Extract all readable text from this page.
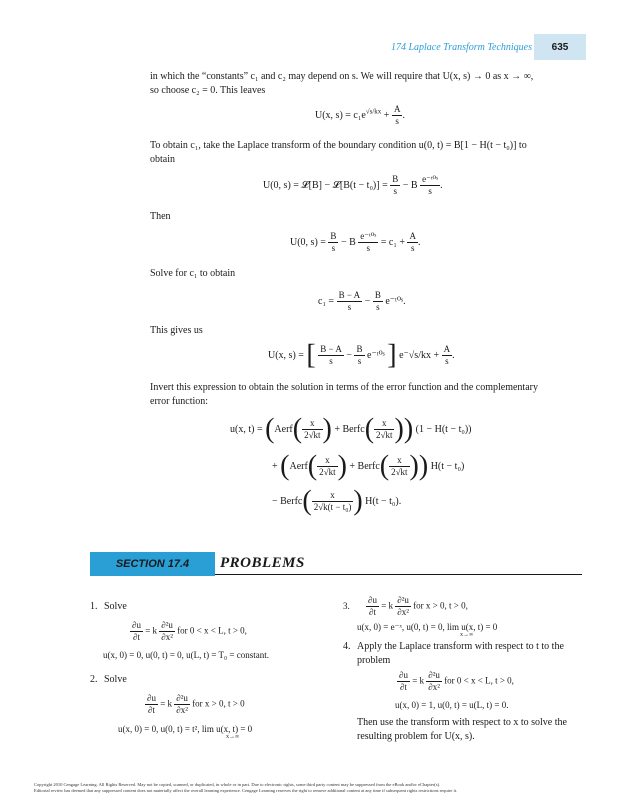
174 Laplace Transform Techniques	635
in which the “constants” c₁ and c₂ may depend on s. We will require that U(x, s) → 0 as x → ∞,
so choose c₂ = 0. This leaves
U(x, $s) = c_1e^{√s/kx} + \frac{A}{s}$ .
To obtain c₁, take the Laplace transform of the boundary condition u(0, t) = B[1 − H(t − t₀)] to
obtain
U(0, s) = 𝓛[B] − 𝓛[B(t − $t_0)] = \frac{B}{s} - B \frac{\text{e⁻ᵗ⁰ˢ}}{s}$ .
Then
U(0, $s) = \frac{B}{s} - B \frac{\text{e⁻ᵗ⁰ˢ}}{s} = c_1 + \frac{A}{s}$ .
Solve for c₁ to obtain
$c_1 = \frac{B - A}{s} - \frac{B}{s}$ e⁻ᵗ⁰ˢ.
This gives us
U(x, s) = [ $\frac{B - A}{s} - \frac{B}{s}$ e⁻ᵗ⁰ˢ ] $e^-√s/kx + \frac{A}{s}$ .
Invert this expression to obtain the solution in terms of the error function and the complementary
error function:
u(x, t) = (Aerf( $\frac{x}{2√kt}$ ) + Berfc( $\frac{x}{2√kt}$ )) (1 − H(t − t₀))
+ (Aerf( $\frac{x}{2√kt}$ ) + Berfc( $\frac{x}{2√kt}$ )) H(t − t₀)
− Berfc( $\frac{x}{\text{2√k(t − t₀)}}$ ) H(t − t₀).
SECTION 17.4	PROBLEMS
1. Solve
$\frac{\partial u}{\partial t} = k \frac{\text{∂²u}}{\text{∂x²}}$ for 0 < x < L, t > 0,
u(x, 0) = 0, u(0, t) = 0, u(L, t) = T₀ = constant.
2. Solve
$\frac{\partial u}{\partial t} = k \frac{\text{∂²u}}{\text{∂x²}}$ for x > 0, t > 0
u(x, 0) = 0, u(0, t) = t², lim u(x, t) = 0
x→∞
3. $\frac{\partial u}{\partial t} = k \frac{\text{∂²u}}{\text{∂x²}}$ for x > 0, t > 0,
u(x, 0) = e⁻ˣ, u(0, t) = 0, lim u(x, t) = 0
x→∞
4. Apply the Laplace transform with respect to t to the
problem
$\frac{\partial u}{\partial t} = k \frac{\text{∂²u}}{\text{∂x²}}$ for 0 < x < L, t > 0,
u(x, 0) = 1, u(0, t) = u(L, t) = 0.
Then use the transform with respect to x to solve the
resulting problem for U(x, s).
Copyright 2010 Cengage Learning. All Rights Reserved. May not be copied, scanned, or duplicated, in whole or in part. Due to electronic rights, some third party content may be suppressed from the eBook and/or eChapter(s).
Editorial review has deemed that any suppressed content does not materially affect the overall learning experience. Cengage Learning reserves the right to remove additional content at any time if subsequent rights restrictions require it.
